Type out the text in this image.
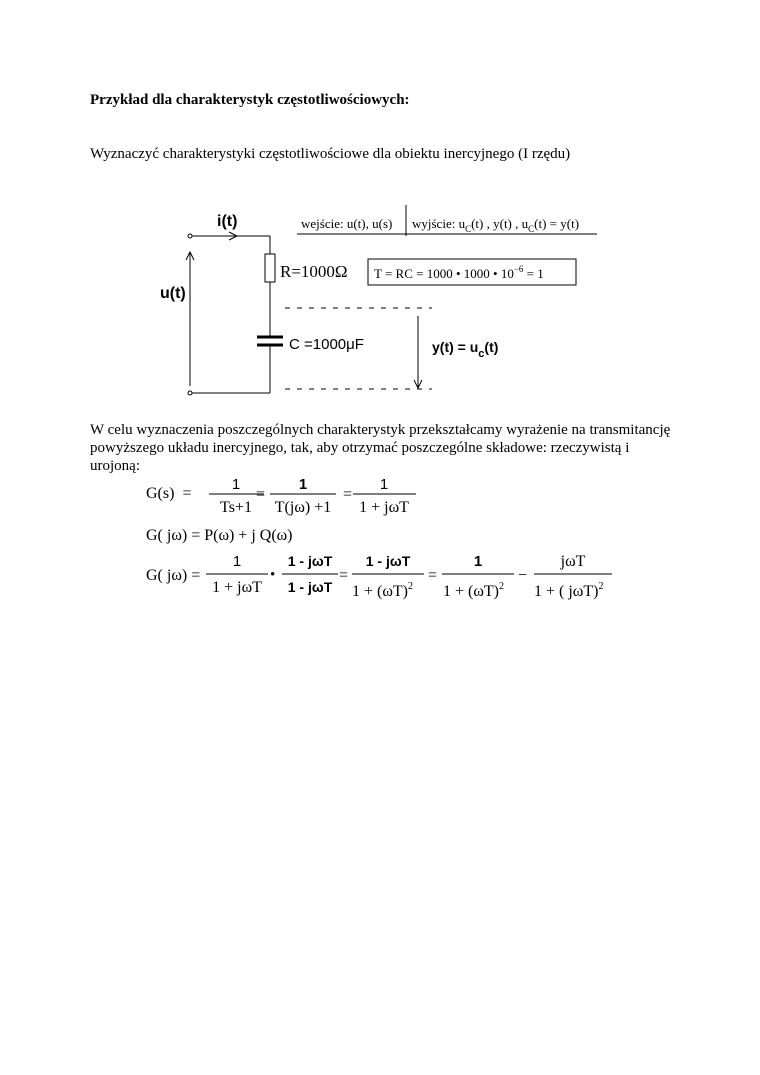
Przykład dla charakterystyk częstotliwościowych:
Wyznaczyć charakterystyki częstotliwościowe dla obiektu inercyjnego (I rzędu)
i(t)
u(t)
R=1000Ω
C =1000μF	$y(t) = u_c(t)$
wejście: u(t), u(s) wyjście: $u_C(t)$ , y(t) , $u_C(t) = y(t)$
T = RC = 1000 • 1000 • $10^{-6} = 1$
W celu wyznaczenia poszczególnych charakterystyk przekształcamy wyrażenie na transmitancję powyższego układu inercyjnego, tak, aby otrzymać poszczególne składowe: rzeczywistą i urojoną:
G(s)  =
1
Ts+1
=
1
T(jω) +1
=
1
1 + jωT
G( jω) = P(ω) + j Q(ω)
G( jω) =
1
1 + jωT
•
1 - jωT
1 - jωT
=
1 - jωT
$1 + (\omega T)^2$
=
1
$1 + (\omega T)^2$
−
jωT
1 + ( jωT)$^2$
